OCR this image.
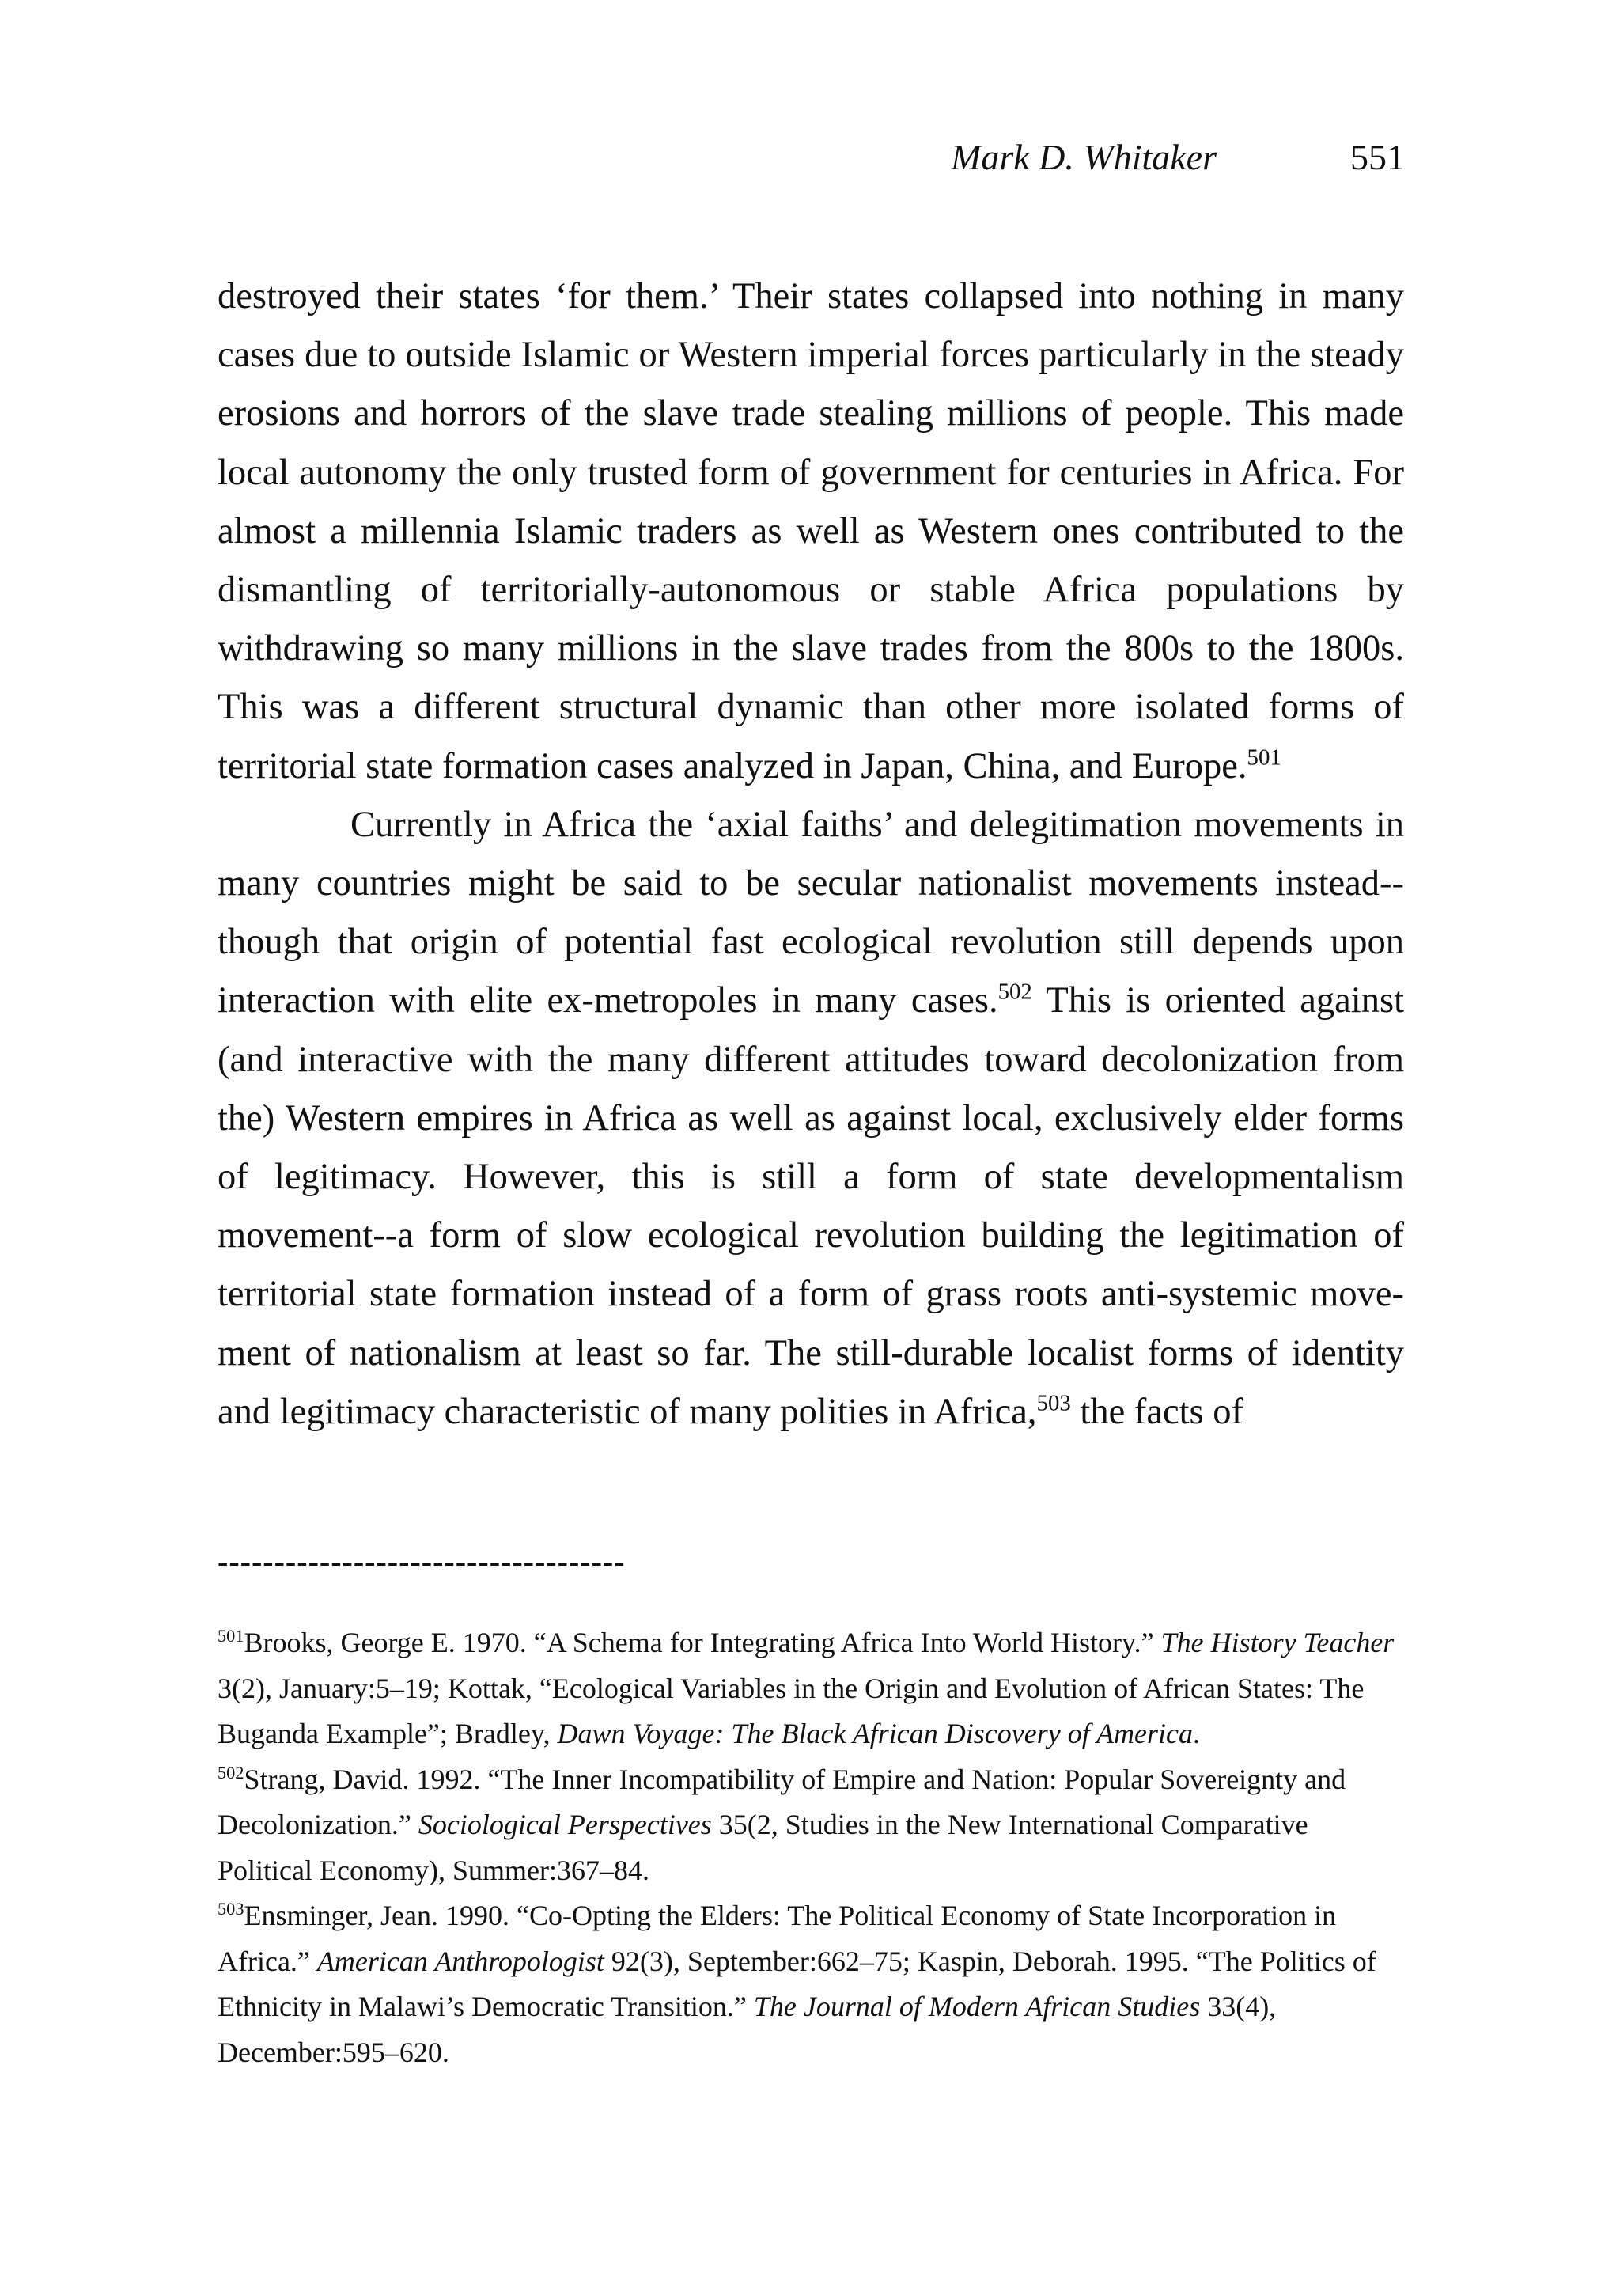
Mark D. Whitaker	551

destroyed their states ‘for them.’ Their states collapsed into nothing in many cases due to outside Islamic or Western imperial forces particularly in the steady erosions and horrors of the slave trade stealing millions of people. This made local autonomy the only trusted form of government for centuries in Africa. For almost a millennia Islamic traders as well as Western ones contributed to the dismantling of territorially-autonomous or stable Africa populations by withdrawing so many millions in the slave trades from the 800s to the 1800s. This was a different structural dynamic than other more isolated forms of territorial state formation cases analyzed in Japan, China, and Europe.$^{501}$

Currently in Africa the ‘axial faiths’ and delegitimation movements in many countries might be said to be secular nationalist movements instead--though that origin of potential fast ecological revolution still depends upon interaction with elite ex-metropoles in many cases.$^{502}$ This is oriented against (and interactive with the many different attitudes toward decolonization from the) Western empires in Africa as well as against local, exclusively elder forms of legitimacy. However, this is still a form of state developmentalism movement--a form of slow ecological revolution building the legitimation of territorial state formation instead of a form of grass roots anti-systemic movement of nationalism at least so far. The still-durable localist forms of identity and legitimacy characteristic of many polities in Africa,$^{503}$ the facts of

------------------------------------

$^{501}$Brooks, George E. 1970. “A Schema for Integrating Africa Into World History.” The History Teacher 3(2), January:5–19; Kottak, “Ecological Variables in the Origin and Evolution of African States: The Buganda Example”; Bradley, Dawn Voyage: The Black African Discovery of America.

$^{502}$Strang, David. 1992. “The Inner Incompatibility of Empire and Nation: Popular Sovereignty and Decolonization.” Sociological Perspectives 35(2, Studies in the New International Comparative Political Economy), Summer:367–84.

$^{503}$Ensminger, Jean. 1990. “Co-Opting the Elders: The Political Economy of State Incorporation in Africa.” American Anthropologist 92(3), September:662–75; Kaspin, Deborah. 1995. “The Politics of Ethnicity in Malawi’s Democratic Transition.” The Journal of Modern African Studies 33(4), December:595–620.
